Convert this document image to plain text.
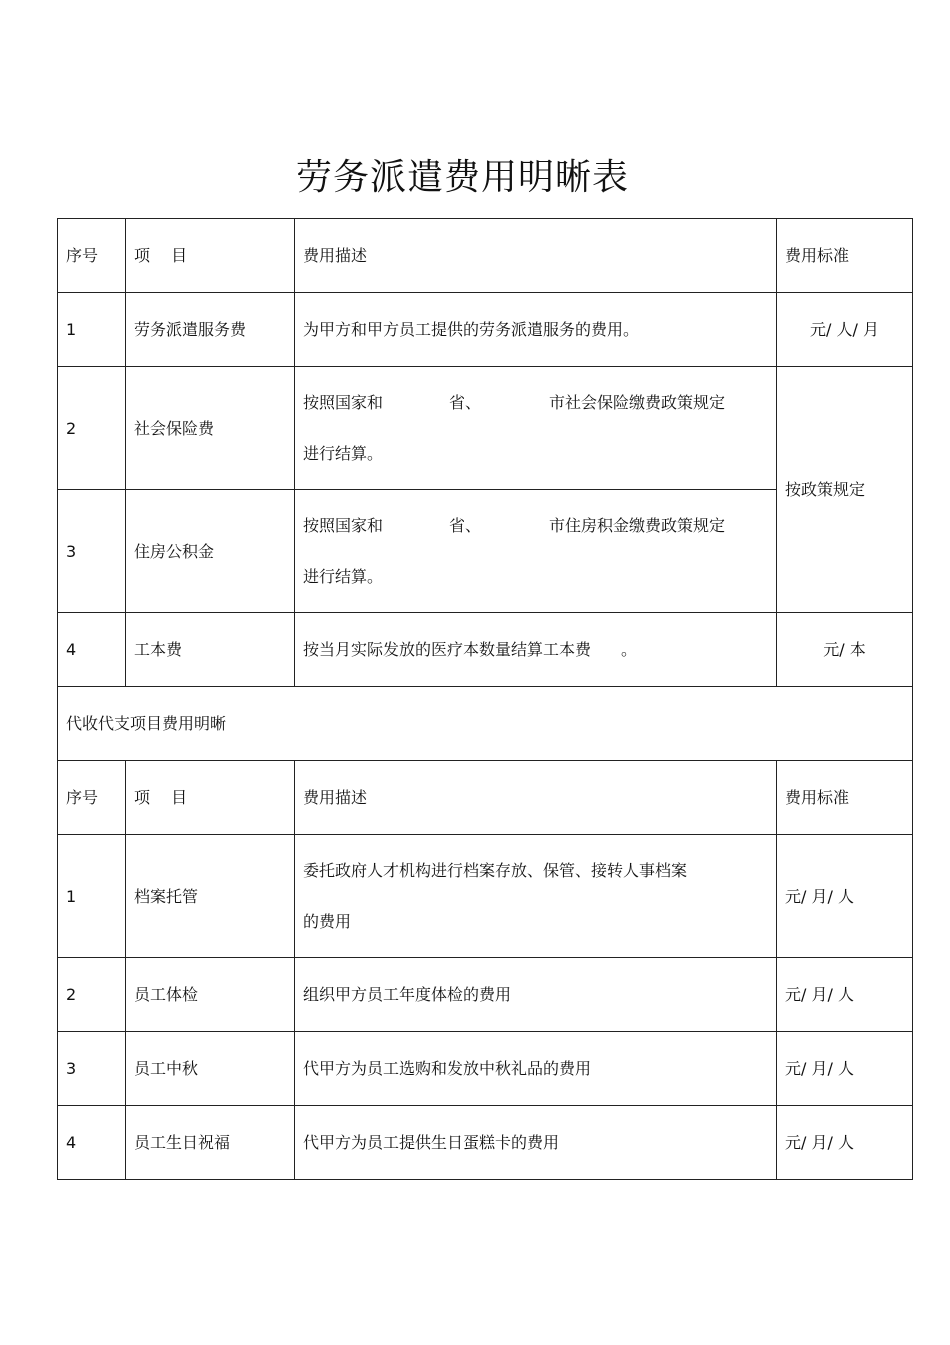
劳务派遣费用明晰表
序号	项　 目	费用描述	费用标准
1	劳务派遣服务费	为甲方和甲方员工提供的劳务派遣服务的费用。	元/ 人/ 月
2	社会保险费	按照国家和 省、 市社会保险缴费政策规定
进行结算。	按政策规定
3	住房公积金	按照国家和 省、 市住房积金缴费政策规定
进行结算。	

4	工本费	按当月实际发放的医疗本数量结算工本费 。	元/ 本
代收代支项目费用明晰			
序号	项　 目	费用描述	费用标准
1	档案托管	委托政府人才机构进行档案存放、保管、接转人事档案
的费用	元/ 月/ 人
2	员工体检	组织甲方员工年度体检的费用	元/ 月/ 人
3	员工中秋	代甲方为员工选购和发放中秋礼品的费用	元/ 月/ 人
4	员工生日祝福	代甲方为员工提供生日蛋糕卡的费用	元/ 月/ 人
